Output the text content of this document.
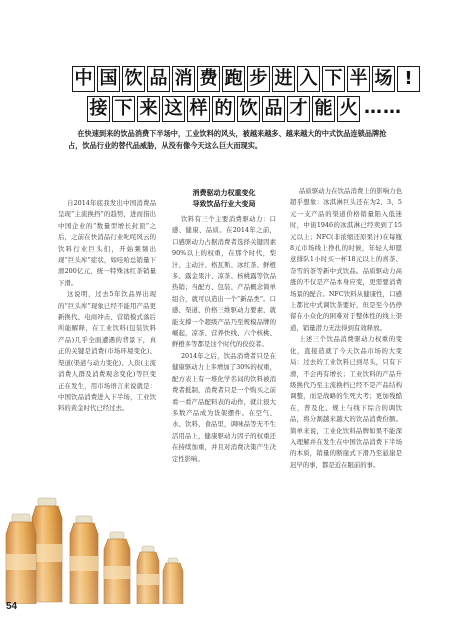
中 国 饮 品 消 费 跑 步 进 入 下 半 场 !
接 下 来 这 样 的 饮 品 才 能 火 ……

在快速到来的饮品消费下半场中，工业饮料的风头，被越来越多、越来越大的中式饮品连锁品牌抢占，饮品行业的替代品威胁，从没有像今天这么巨大而现实。

自2014年底我发出中国消费品呈现“主流换挡”的趋势，进而指出中国企业的“数量型增长封顶”之后，之前在快消品行业叱咤风云的饮料行业巨头们，开始频频出现“巨头库”症状，如哇哈总销量下滑200亿元，统一特殊冰红茶销量下滑。

这说明，过去5年饮品界出现的“巨头库”现象已经不能用产品更新换代、电商冲击、营销模式落后所能解释，在工业饮料(包装饮料产品)几乎全面遭遇的背景下，真正的关键是消费(市场环境变化)、渠道(渠道与动力变化)、人资(主流消费人群及消费观念变化)等巨变正在发生，用市场语言来说就是：中国饮品消费进入下半场，工业饮料的黄金时代已经过去。

消费驱动力权重变化
导致饮品行业大变局

饮料有三个主要消费驱动力：口感、健康、品质。在2014年之前，口感驱动力占据消费者选择关键因素90%以上的权重，在那个时代，梨汁、主动汁、格瓦斯、冰红茶、鲜橙多、露金果汁、凉茶、核桃露等饮品热销；当配方、包装、产品概念简单组合，就可以造出一个“新品类”。口感、渠道、价格三维驱动力要素，就能支撑一个超级产品乃至规模品牌的崛起，凉茶、营养快线、六个核桃、鲜橙多等都是这个时代的佼佼者。

2014年之后，饮品消费者只是在健康驱动力上多增加了30%的权重，配方表上有一堆化学名词的饮料被消费者抵制，消费者只是一个购买之前看一看产品配料表的动作，就让很大多数产品成为货架摆件。在空气、水、饮料、食品里，调味品等无不生活用品上，健康驱动力因子的权重还在持续加重，并且对消费决策产生决定性影响。

品质驱动力在饮品消费上的影响力也超乎想象：冰淇淋巨头还在为2、3、5元一支产品的渠道价格销量陷入低迷时，中街1946的冰淇淋已经卖到了15元以上；NFC(非浓缩还原果汁)在每瓶8元市场线上挣扎的时候，年轻人却愿意排队1小时买一杯18元以上的喜茶、奈雪的茶等新中式饮品。品质驱动力高涨的不仅是产品本身应变，更需要消费场景的配合。NFC饮料从健康性，口感上都比中式调饮茶要好，但是至今仍停留在小众化的困难对于整体性的线上渠道，销量潜力无法得到有效释放。

上述三个饮品消费驱动力权重的变化，直接造就了今天饮品市场的大变局：过去的工业饮料已到尽头，只有下滑，不会再有增长；工业饮料的产品升级换代乃至主流换档已经不是产品结构调整，而是战略的生死大考；更加残酷在，普及化、规上与线下综合的调饮品，将分割越来越大的饮品消费份额。简单来说，工业化饮料品牌如果不能深入理解并在发生在中国饮品消费下半场的本质，销量的断崖式下滑乃至悬崖是迟早的事，都是近在眼前的事。

54
